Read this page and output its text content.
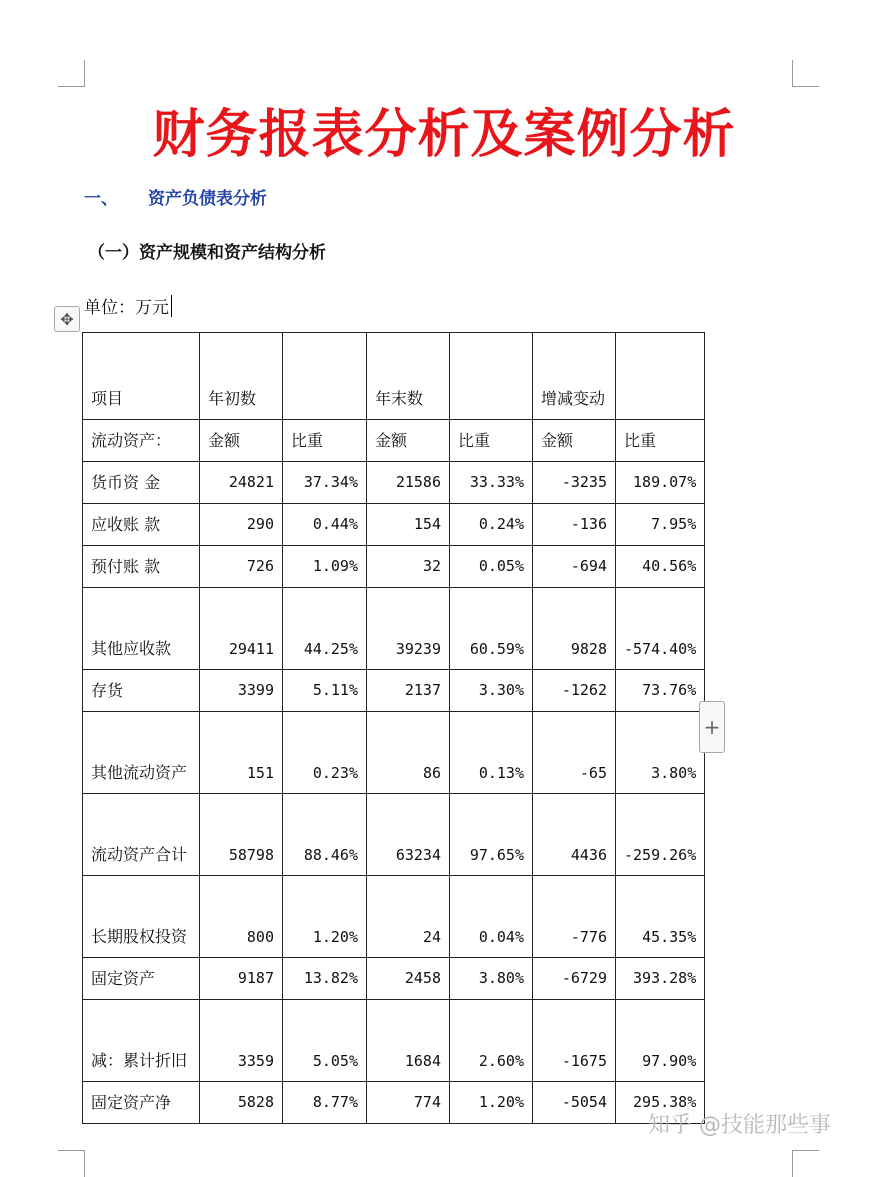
财务报表分析及案例分析
一、 资产负债表分析
（一）资产规模和资产结构分析
单位：万元
✥
项目	年初数		年末数		增减变动	
流动资产：	金额	比重	金额	比重	金额	比重
货币资 金	24821	37.34%	21586	33.33%	-3235	189.07%
应收账 款	290	0.44%	154	0.24%	-136	7.95%
预付账 款	726	1.09%	32	0.05%	-694	40.56%
其他应收款	29411	44.25%	39239	60.59%	9828	-574.40%
存货	3399	5.11%	2137	3.30%	-1262	73.76%
其他流动资产	151	0.23%	86	0.13%	-65	3.80%
流动资产合计	58798	88.46%	63234	97.65%	4436	-259.26%
长期股权投资	800	1.20%	24	0.04%	-776	45.35%
固定资产	9187	13.82%	2458	3.80%	-6729	393.28%
减：累计折旧	3359	5.05%	1684	2.60%	-1675	97.90%
固定资产净	5828	8.77%	774	1.20%	-5054	295.38%
+
知乎 @技能那些事
